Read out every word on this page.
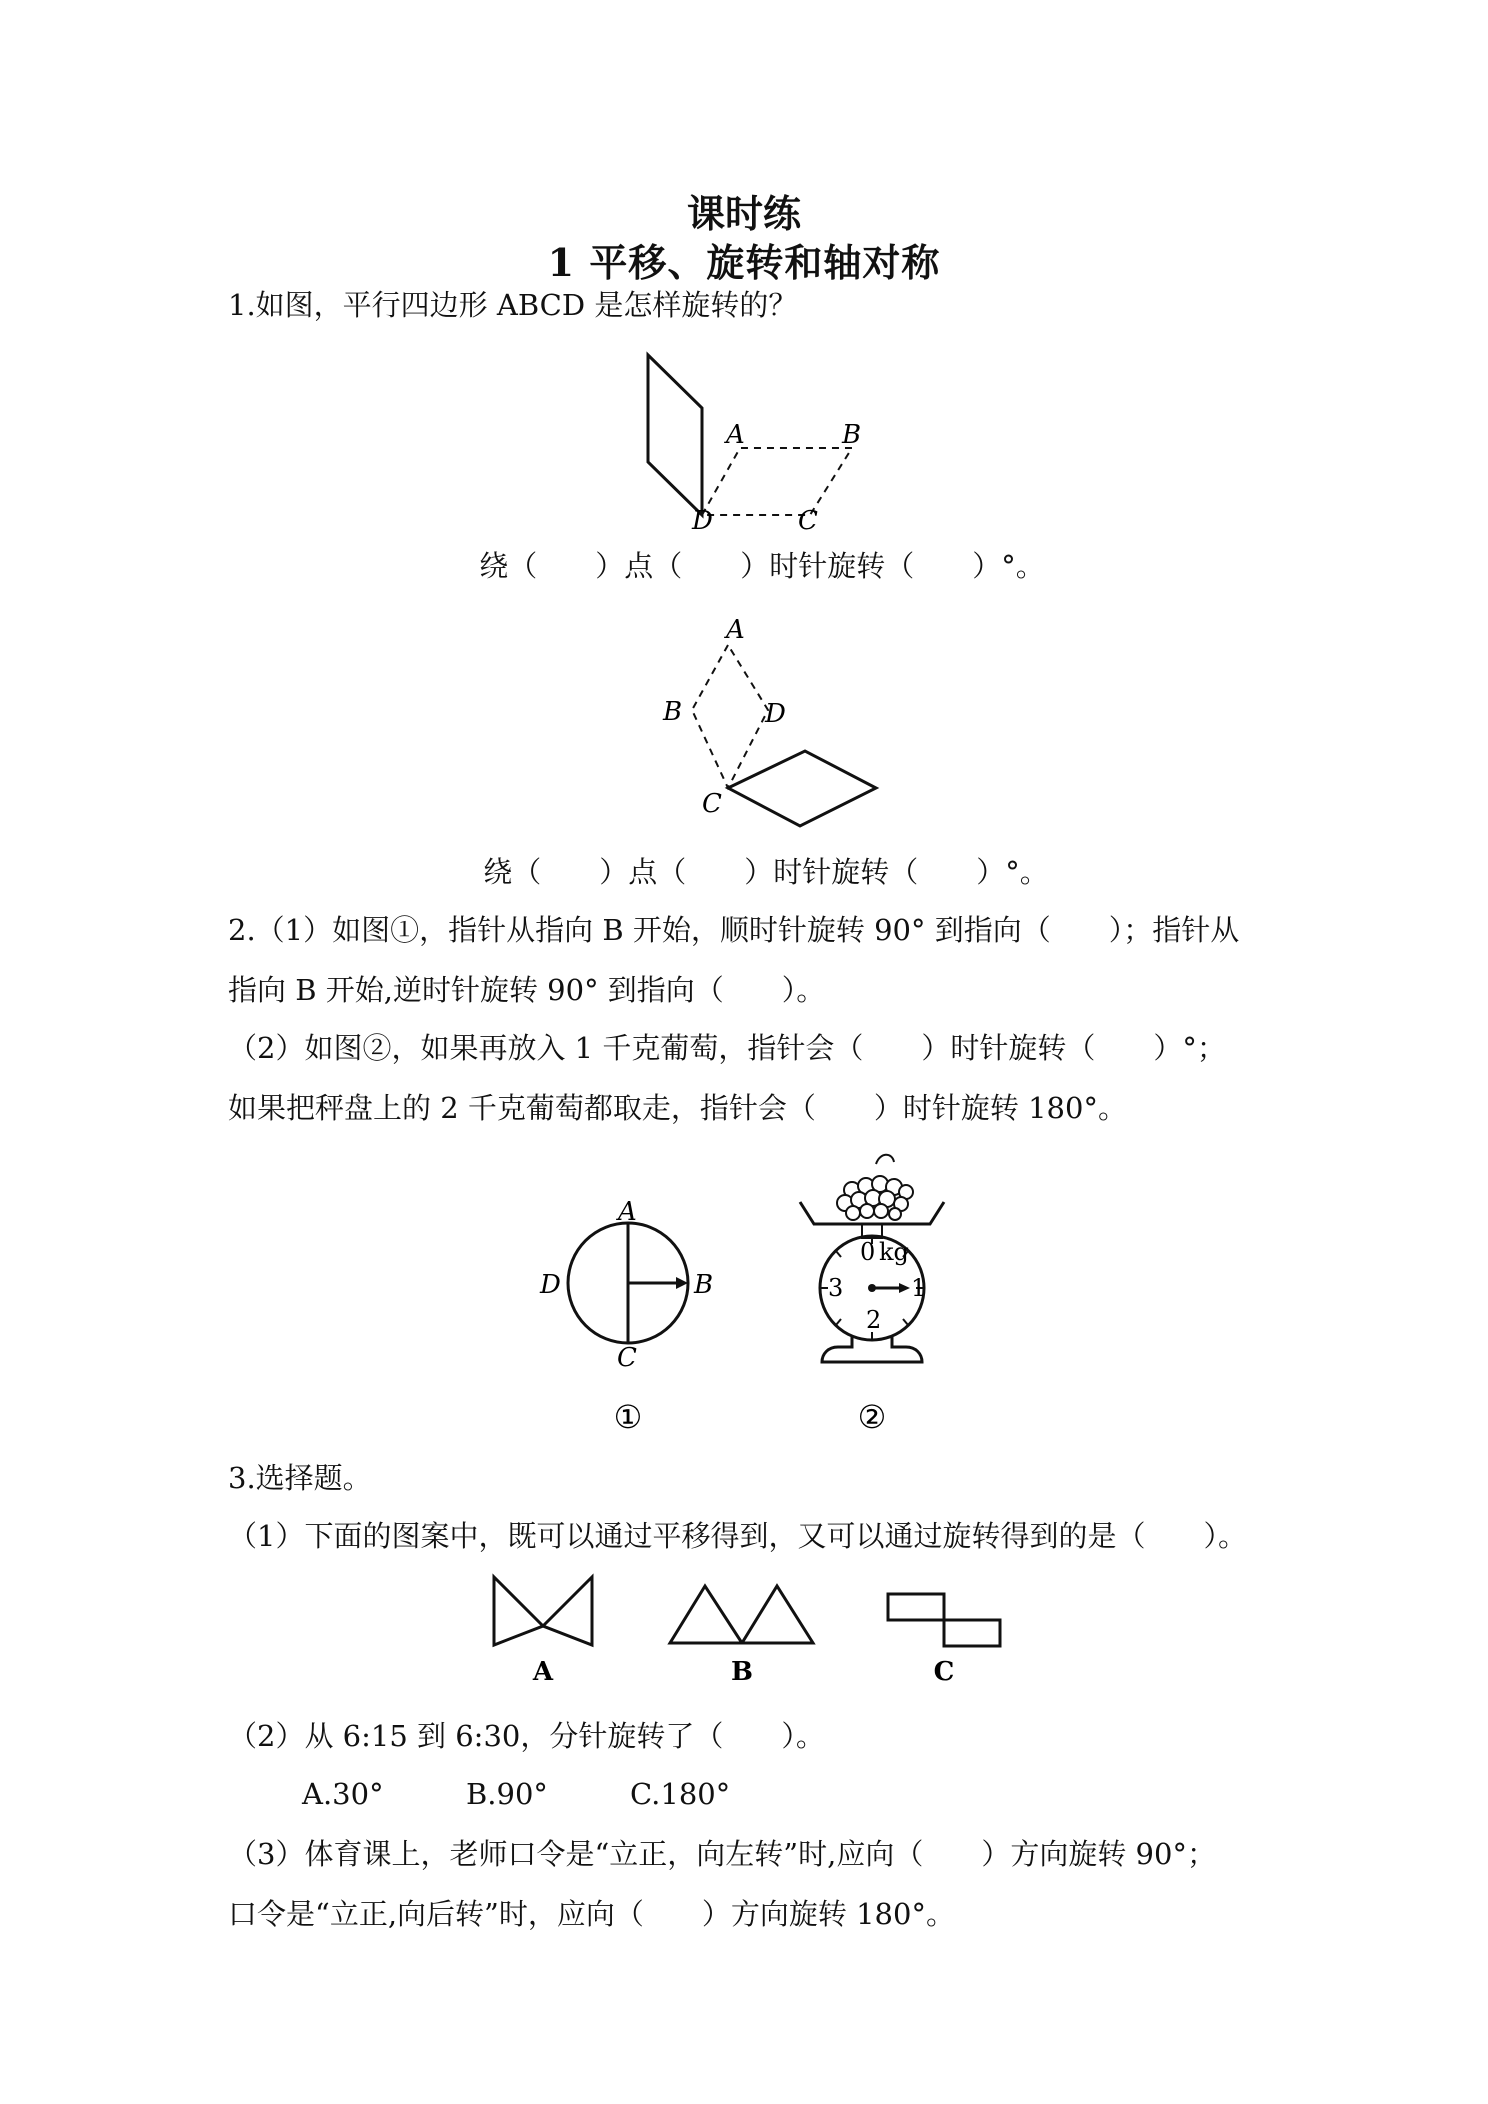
课时练
1 平移、旋转和轴对称
1.如图，平行四边形 ABCD 是怎样旋转的？
A	B
C
D
A
B
C
D
A
B
C
D
①
0 kg
1
2
3
②
A	B	C
绕（　　）点（　　）时针旋转（　　）°。
绕（　　）点（　　）时针旋转（　　）°。
2.（1）如图①，指针从指向 B 开始，顺时针旋转 90° 到指向（　　）；指针从
指向 B 开始,逆时针旋转 90° 到指向（　　）。
（2）如图②，如果再放入 1 千克葡萄，指针会（　　）时针旋转（　　）°；
如果把秤盘上的 2 千克葡萄都取走，指针会（　　）时针旋转 180°。
3.选择题。
（1）下面的图案中，既可以通过平移得到，又可以通过旋转得到的是（　　）。
（2）从 6:15 到 6:30，分针旋转了（　　）。
A.30°	B.90°	C.180°
（3）体育课上，老师口令是“立正，向左转”时,应向（　　）方向旋转 90°；
口令是“立正,向后转”时，应向（　　）方向旋转 180°。
